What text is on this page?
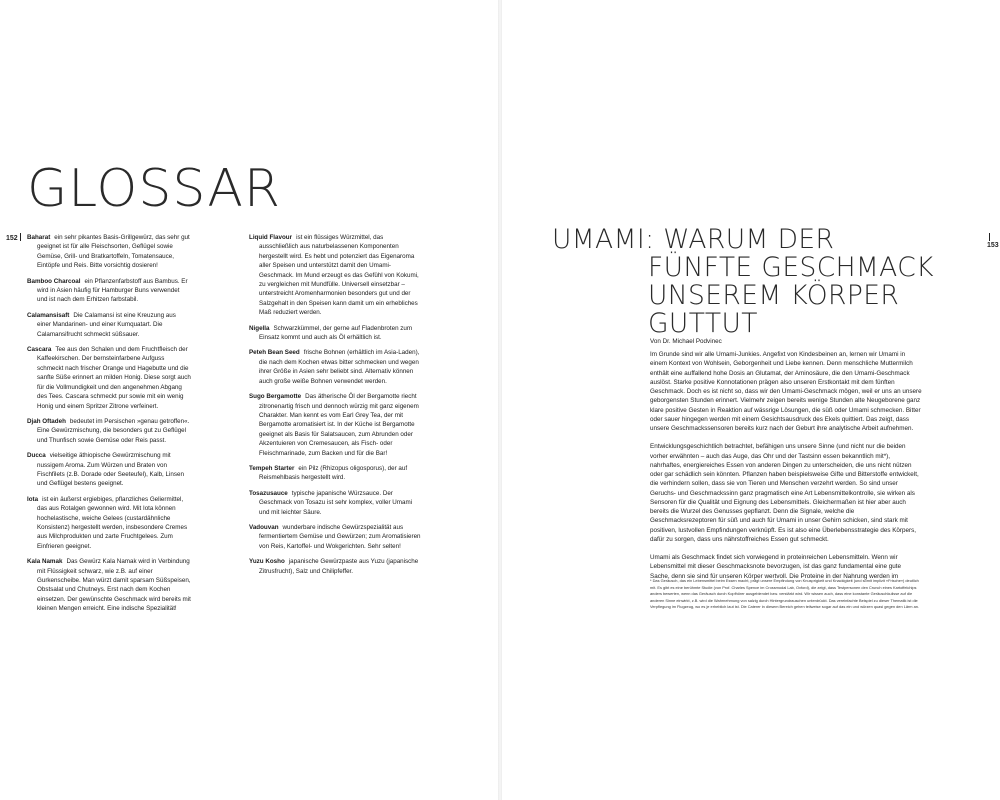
GLOSSAR
152	Baharat ein sehr pikantes Basis-Grillgewürz, das sehr gut geeignet ist für alle Fleischsorten, Geflügel sowie Gemüse, Grill- und Bratkartoffeln, Tomatensauce, Eintöpfe und Reis. Bitte vorsichtig dosieren!

Bamboo Charcoal ein Pflanzenfarbstoff aus Bambus. Er wird in Asien häufig für Hamburger Buns verwendet und ist nach dem Erhitzen farbstabil.

Calamansisaft Die Calamansi ist eine Kreuzung aus einer Mandarinen- und einer Kumquatart. Die Calamansifrucht schmeckt süßsauer.

Cascara Tee aus den Schalen und dem Fruchtfleisch der Kaffeekirschen. Der bernsteinfarbene Aufguss schmeckt nach frischer Orange und Hagebutte und die sanfte Süße erinnert an milden Honig. Diese sorgt auch für die Vollmundigkeit und den angenehmen Abgang des Tees. Cascara schmeckt pur sowie mit ein wenig Honig und einem Spritzer Zitrone verfeinert.

Djah Oftadeh bedeutet im Persischen »genau getroffen«. Eine Gewürzmischung, die besonders gut zu Geflügel und Thunfisch sowie Gemüse oder Reis passt.

Ducca vielseitige äthiopische Gewürzmischung mit nussigem Aroma. Zum Würzen und Braten von Fischfilets (z.B. Dorade oder Seeteufel), Kalb, Linsen und Geflügel bestens geeignet.

Iota ist ein äußerst ergiebiges, pflanzliches Geliermittel, das aus Rotalgen gewonnen wird. Mit Iota können hochelastische, weiche Gelees (custardähnliche Konsistenz) hergestellt werden, insbesondere Cremes aus Milchprodukten und zarte Fruchtgelees. Zum Einfrieren geeignet.

Kala Namak Das Gewürz Kala Namak wird in Verbindung mit Flüssigkeit schwarz, wie z.B. auf einer Gurkenscheibe. Man würzt damit sparsam Süßspeisen, Obstsalat und Chutneys. Erst nach dem Kochen einsetzen. Der gewünschte Geschmack wird bereits mit kleinen Mengen erreicht. Eine indische Spezialität!

Liquid Flavour ist ein flüssiges Würzmittel, das ausschließlich aus naturbelassenen Komponenten hergestellt wird. Es hebt und potenziert das Eigenaroma aller Speisen und unterstützt damit den Umami-Geschmack. Im Mund erzeugt es das Gefühl von Kokumi, zu vergleichen mit Mundfülle. Universell einsetzbar – unterstreicht Aromenharmonien besonders gut und der Salzgehalt in den Speisen kann damit um ein erhebliches Maß reduziert werden.

Nigella Schwarzkümmel, der gerne auf Fladenbroten zum Einsatz kommt und auch als Öl erhältlich ist.

Peteh Bean Seed frische Bohnen (erhältlich im Asia-Laden), die nach dem Kochen etwas bitter schmecken und wegen ihrer Größe in Asien sehr beliebt sind. Alternativ können auch große weiße Bohnen verwendet werden.

Sugo Bergamotte Das ätherische Öl der Bergamotte riecht zitronenartig frisch und dennoch würzig mit ganz eigenem Charakter. Man kennt es vom Earl Grey Tea, der mit Bergamotte aromatisiert ist. In der Küche ist Bergamotte geeignet als Basis für Salatsaucen, zum Abrunden oder Akzentuieren von Cremesaucen, als Fisch- oder Fleischmarinade, zum Backen und für die Bar!

Tempeh Starter ein Pilz (Rhizopus oligosporus), der auf Reismehlbasis hergestellt wird.

Tosazusauce typische japanische Würzsauce. Der Geschmack von Tosazu ist sehr komplex, voller Umami und mit leichter Säure.

Vadouvan wunderbare indische Gewürzspezialität aus fermentiertem Gemüse und Gewürzen; zum Aromatisieren von Reis, Kartoffel- und Wokgerichten. Sehr selten!

Yuzu Kosho japanische Gewürzpaste aus Yuzu (japanische Zitrusfrucht), Salz und Chilipfeffer.

UMAMI: WARUM DER
FÜNFTE GESCHMACK
UNSEREM KÖRPER
GUTTUT
153
Von Dr. Michael Podvinec

Im Grunde sind wir alle Umami-Junkies. Angefixt von Kindesbeinen an, lernen wir Umami in einem Kontext von Wohlsein, Geborgenheit und Liebe kennen. Denn menschliche Muttermilch enthält eine auffallend hohe Dosis an Glutamat, der Aminosäure, die den Umami-Geschmack auslöst. Starke positive Konnotationen prägen also unseren Erstkontakt mit dem fünften Geschmack. Doch es ist nicht so, dass wir den Umami-Geschmack mögen, weil er uns an unsere geborgensten Stunden erinnert. Vielmehr zeigen bereits wenige Stunden alte Neugeborene ganz klare positive Gesten in Reaktion auf wässrige Lösungen, die süß oder Umami schmecken. Bitter oder sauer hingegen werden mit einem Gesichtsausdruck des Ekels quittiert. Das zeigt, dass unsere Geschmackssensoren bereits kurz nach der Geburt ihre analytische Arbeit aufnehmen.

Entwicklungsgeschichtlich betrachtet, befähigen uns unsere Sinne (und nicht nur die beiden vorher erwähnten – auch das Auge, das Ohr und der Tastsinn essen bekanntlich mit*), nahrhaftes, energiereiches Essen von anderen Dingen zu unterscheiden, die uns nicht nützen oder gar schädlich sein könnten. Pflanzen haben beispielsweise Gifte und Bitterstoffe entwickelt, die verhindern sollen, dass sie von Tieren und Menschen verzehrt werden. So sind unser Geruchs- und Geschmackssinn ganz pragmatisch eine Art Lebensmittelkontrolle, sie wirken als Sensoren für die Qualität und Eignung des Lebensmittels. Gleichermaßen ist hier aber auch bereits die Wurzel des Genusses gepflanzt. Denn die Signale, welche die Geschmacksrezeptoren für süß und auch für Umami in unser Gehirn schicken, sind stark mit positiven, lustvollen Empfindungen verknüpft. Es ist also eine Überlebensstrategie des Körpers, dafür zu sorgen, dass uns nährstoffreiches Essen gut schmeckt.

Umami als Geschmack findet sich vorwiegend in proteinreichen Lebensmitteln. Wenn wir Lebensmittel mit dieser Geschmacksnote bevorzugen, ist das ganz fundamental eine gute Sache, denn sie sind für unseren Körper wertvoll. Die Proteine in der Nahrung werden im

* Das Geräusch, das ein Lebensmittel beim Essen macht, prägt unsere Empfindung von Knusprigkeit und Knackigkeit (und somit implizit »Frische«) deutlich mit. Es gibt es eine berühmte Studie (von Prof. Charles Spence im Crossmodal Lab, Oxford), die zeigt, dass Testpersonen den Crunch eines Kartoffelchips anders bewerten, wenn das Geräusch durch Kopfhörer ausgeblendet bzw. verstärkt wird. Wir wissen auch, dass eine konstante Geräuschkulisse auf die anderen Sinne einwirkt, z.B. wird die Wahrnehmung von salzig durch Hintergrundrauschen unterdrückt. Das vereinfachte Beispiel zu dieser Thematik ist die Verpflegung im Flugzeug, wo es je erheblich laut ist. Die Caterer in diesem Bereich gehen teilweise sogar auf das ein und würzen quasi gegen den Lärm an.
